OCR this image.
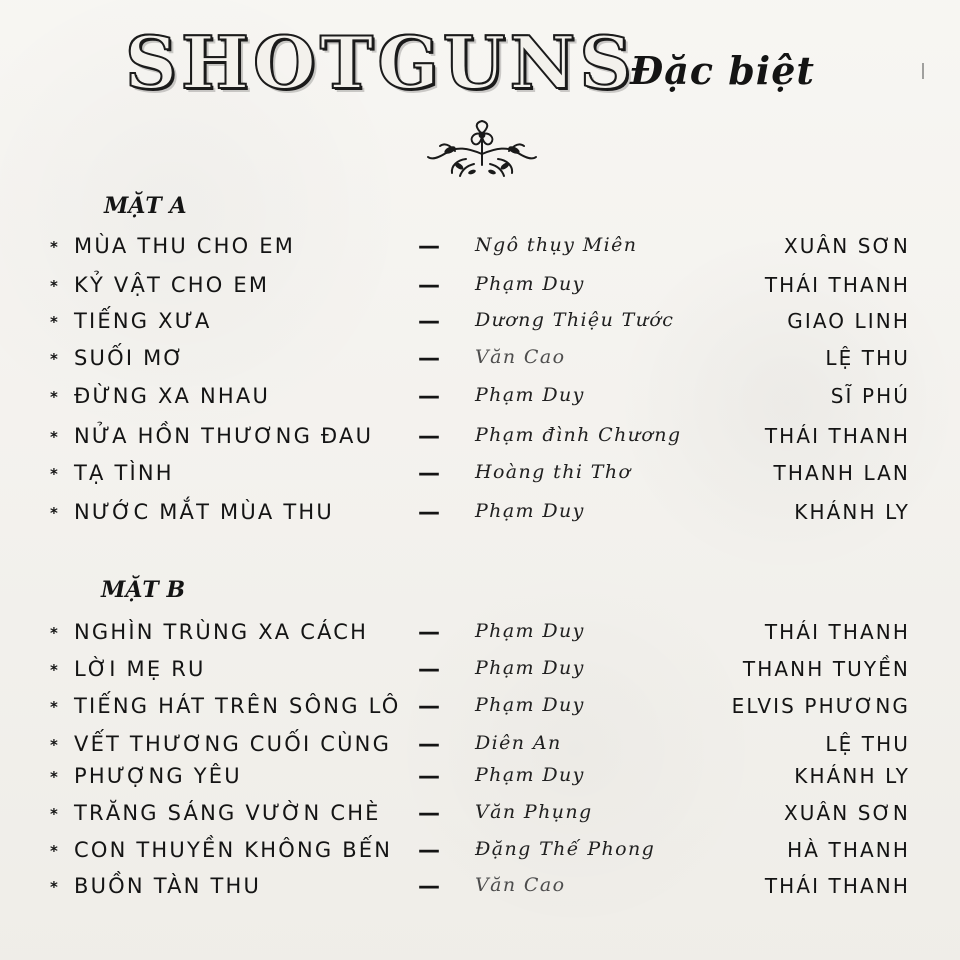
SHOTGUNS
Đặc biệt
MẶT A
* MÙA THU CHO EM	— Ngô thụy Miên	XUÂN SƠN
* KỶ VẬT CHO EM	— Phạm Duy	THÁI THANH
* TIẾNG XƯA	— Dương Thiệu Tước	GIAO LINH
* SUỐI MƠ	— Văn Cao	LỆ THU
* ĐỪNG XA NHAU	— Phạm Duy	SĨ PHÚ
* NỬA HỒN THƯƠNG ĐAU — Phạm đình Chương	THÁI THANH
* TẠ TÌNH	— Hoàng thi Thơ	THANH LAN
* NƯỚC MẮT MÙA THU	— Phạm Duy	KHÁNH LY
MẶT B
* NGHÌN TRÙNG XA CÁCH — Phạm Duy	THÁI THANH
* LỜI MẸ RU	— Phạm Duy	THANH TUYỀN
* TIẾNG HÁT TRÊN SÔNG LÔ — Phạm Duy	ELVIS PHƯƠNG
* VẾT THƯƠNG CUỐI CÙNG — Diên An	LỆ THU
* PHƯỢNG YÊU	— Phạm Duy	KHÁNH LY
* TRĂNG SÁNG VƯỜN CHÈ — Văn Phụng	XUÂN SƠN
* CON THUYỀN KHÔNG BẾN — Đặng Thế Phong	HÀ THANH
* BUỒN TÀN THU	— Văn Cao	THÁI THANH
